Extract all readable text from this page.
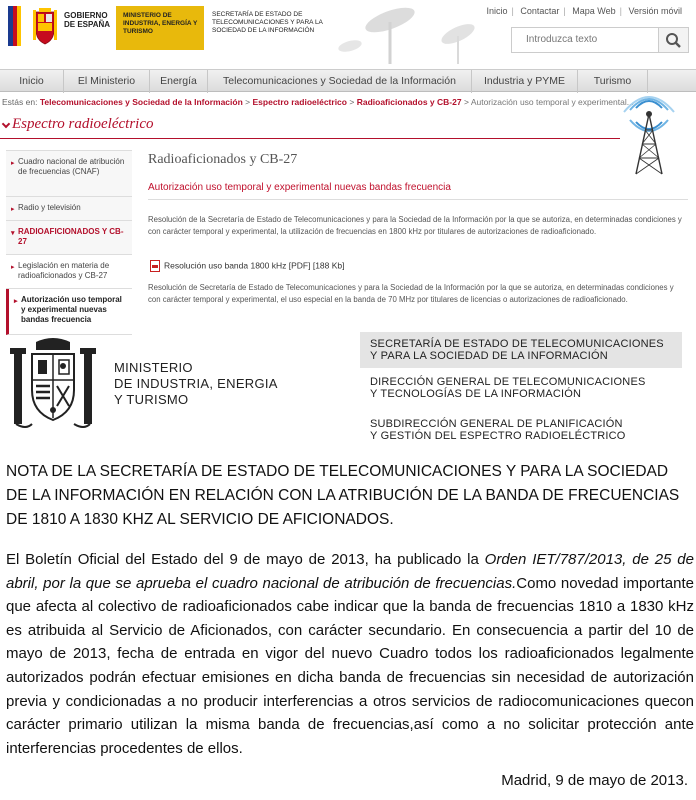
GOBIERNO DE ESPAÑA
MINISTERIO DE INDUSTRIA, ENERGÍA Y TURISMO
SECRETARÍA DE ESTADO DE TELECOMUNICACIONES Y PARA LA SOCIEDAD DE LA INFORMACIÓN
Inicio | Contactar | Mapa Web | Versión móvil
Introduzca texto
Inicio	El Ministerio	Energía	Telecomunicaciones y Sociedad de la Información	Industria y PYME	Turismo
Estás en: Telecomunicaciones y Sociedad de la Información > Espectro radioeléctrico > Radioaficionados y CB-27 > Autorización uso temporal y experimental...
Espectro radioeléctrico
▸ Cuadro nacional de atribución de frecuencias (CNAF)
▸ Radio y televisión
▾ RADIOAFICIONADOS Y CB-27
▸ Legislación en materia de radioaficionados y CB-27
▸ Autorización uso temporal y experimental nuevas bandas frecuencia
Radioaficionados y CB-27
Autorización uso temporal y experimental nuevas bandas frecuencia
Resolución de la Secretaría de Estado de Telecomunicaciones y para la Sociedad de la Información por la que se autoriza, en determinadas condiciones y con carácter temporal y experimental, la utilización de frecuencias en 1800 kHz por titulares de autorizaciones de radioaficionado.
Resolución uso banda 1800 kHz [PDF] [188 Kb]
Resolución de Secretaría de Estado de Telecomunicaciones y para la Sociedad de la Información por la que se autoriza, en determinadas condiciones y con carácter temporal y experimental, el uso especial en la banda de 70 MHz por titulares de licencias o autorizaciones de radioaficionado.
MINISTERIO
DE INDUSTRIA, ENERGIA
Y TURISMO
SECRETARÍA DE ESTADO DE TELECOMUNICACIONES
Y PARA LA SOCIEDAD DE LA INFORMACIÓN
DIRECCIÓN GENERAL DE TELECOMUNICACIONES
Y TECNOLOGÍAS DE LA INFORMACIÓN
SUBDIRECCIÓN GENERAL DE PLANIFICACIÓN
Y GESTIÓN DEL ESPECTRO RADIOELÉCTRICO
NOTA DE LA SECRETARÍA DE ESTADO DE TELECOMUNICACIONES Y PARA LA SOCIEDAD DE LA INFORMACIÓN EN RELACIÓN CON LA ATRIBUCIÓN DE LA BANDA DE FRECUENCIAS DE 1810 A 1830 KHZ AL SERVICIO DE AFICIONADOS.
El Boletín Oficial del Estado del 9 de mayo de 2013, ha publicado la Orden IET/787/2013, de 25 de abril, por la que se aprueba el cuadro nacional de atribución de frecuencias.Como novedad importante que afecta al colectivo de radioaficionados cabe indicar que la banda de frecuencias 1810 a 1830 kHz es atribuida al Servicio de Aficionados, con carácter secundario. En consecuencia a partir del 10 de mayo de 2013, fecha de entrada en vigor del nuevo Cuadro todos los radioaficionados legalmente autorizados podrán efectuar emisiones en dicha banda de frecuencias sin necesidad de autorización previa y condicionadas a no producir interferencias a otros servicios de radiocomunicaciones quecon carácter primario utilizan la misma banda de frecuencias,así como a no solicitar protección ante interferencias procedentes de ellos.
Madrid, 9 de mayo de 2013.
